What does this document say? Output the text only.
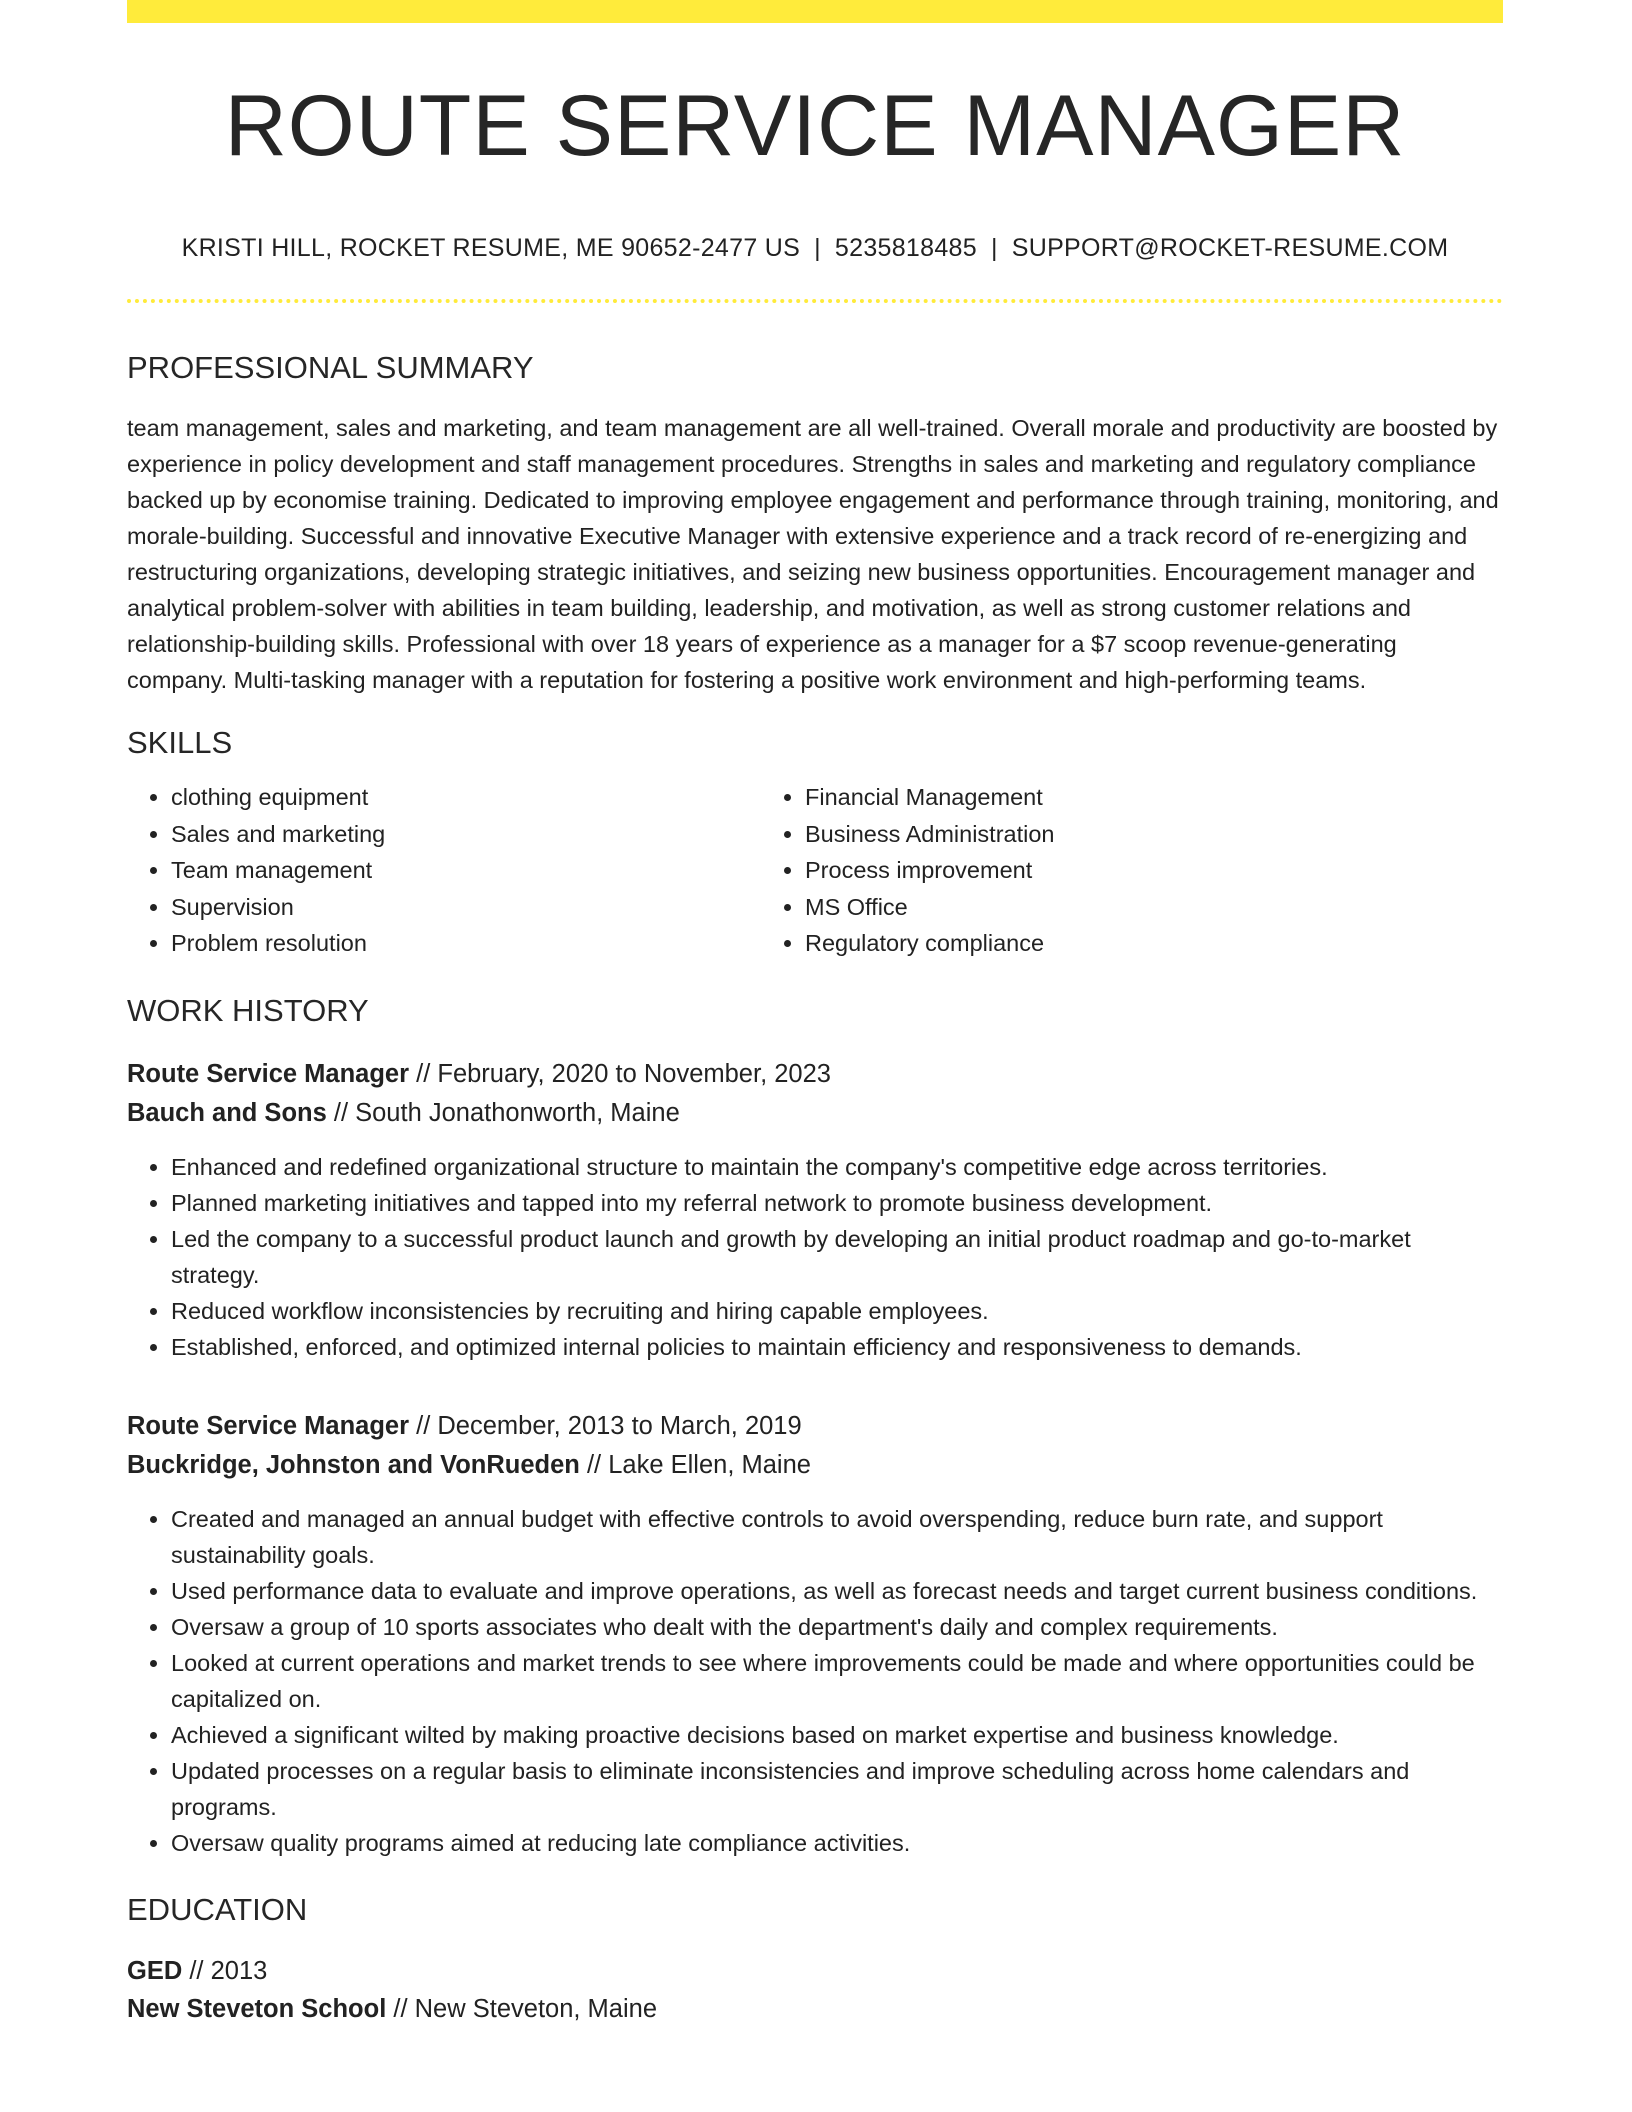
ROUTE SERVICE MANAGER
KRISTI HILL, ROCKET RESUME, ME 90652-2477 US | 5235818485 | SUPPORT@ROCKET-RESUME.COM
PROFESSIONAL SUMMARY

team management, sales and marketing, and team management are all well-trained. Overall morale and productivity are boosted by experience in policy development and staff management procedures. Strengths in sales and marketing and regulatory compliance backed up by economise training. Dedicated to improving employee engagement and performance through training, monitoring, and morale-building. Successful and innovative Executive Manager with extensive experience and a track record of re-energizing and restructuring organizations, developing strategic initiatives, and seizing new business opportunities. Encouragement manager and analytical problem-solver with abilities in team building, leadership, and motivation, as well as strong customer relations and relationship-building skills. Professional with over 18 years of experience as a manager for a $7 scoop revenue-generating company. Multi-tasking manager with a reputation for fostering a positive work environment and high-performing teams.

SKILLS
• clothing equipment
• Sales and marketing
• Team management
• Supervision
• Problem resolution
• Financial Management
• Business Administration
• Process improvement
• MS Office
• Regulatory compliance
WORK HISTORY
Route Service Manager // February, 2020 to November, 2023
Bauch and Sons // South Jonathonworth, Maine
• Enhanced and redefined organizational structure to maintain the company's competitive edge across territories.
• Planned marketing initiatives and tapped into my referral network to promote business development.
• Led the company to a successful product launch and growth by developing an initial product roadmap and go-to-market strategy.
• Reduced workflow inconsistencies by recruiting and hiring capable employees.
• Established, enforced, and optimized internal policies to maintain efficiency and responsiveness to demands.
Route Service Manager // December, 2013 to March, 2019
Buckridge, Johnston and VonRueden // Lake Ellen, Maine
• Created and managed an annual budget with effective controls to avoid overspending, reduce burn rate, and support sustainability goals.
• Used performance data to evaluate and improve operations, as well as forecast needs and target current business conditions.
• Oversaw a group of 10 sports associates who dealt with the department's daily and complex requirements.
• Looked at current operations and market trends to see where improvements could be made and where opportunities could be capitalized on.
• Achieved a significant wilted by making proactive decisions based on market expertise and business knowledge.
• Updated processes on a regular basis to eliminate inconsistencies and improve scheduling across home calendars and programs.
• Oversaw quality programs aimed at reducing late compliance activities.
EDUCATION
GED // 2013
New Steveton School // New Steveton, Maine
